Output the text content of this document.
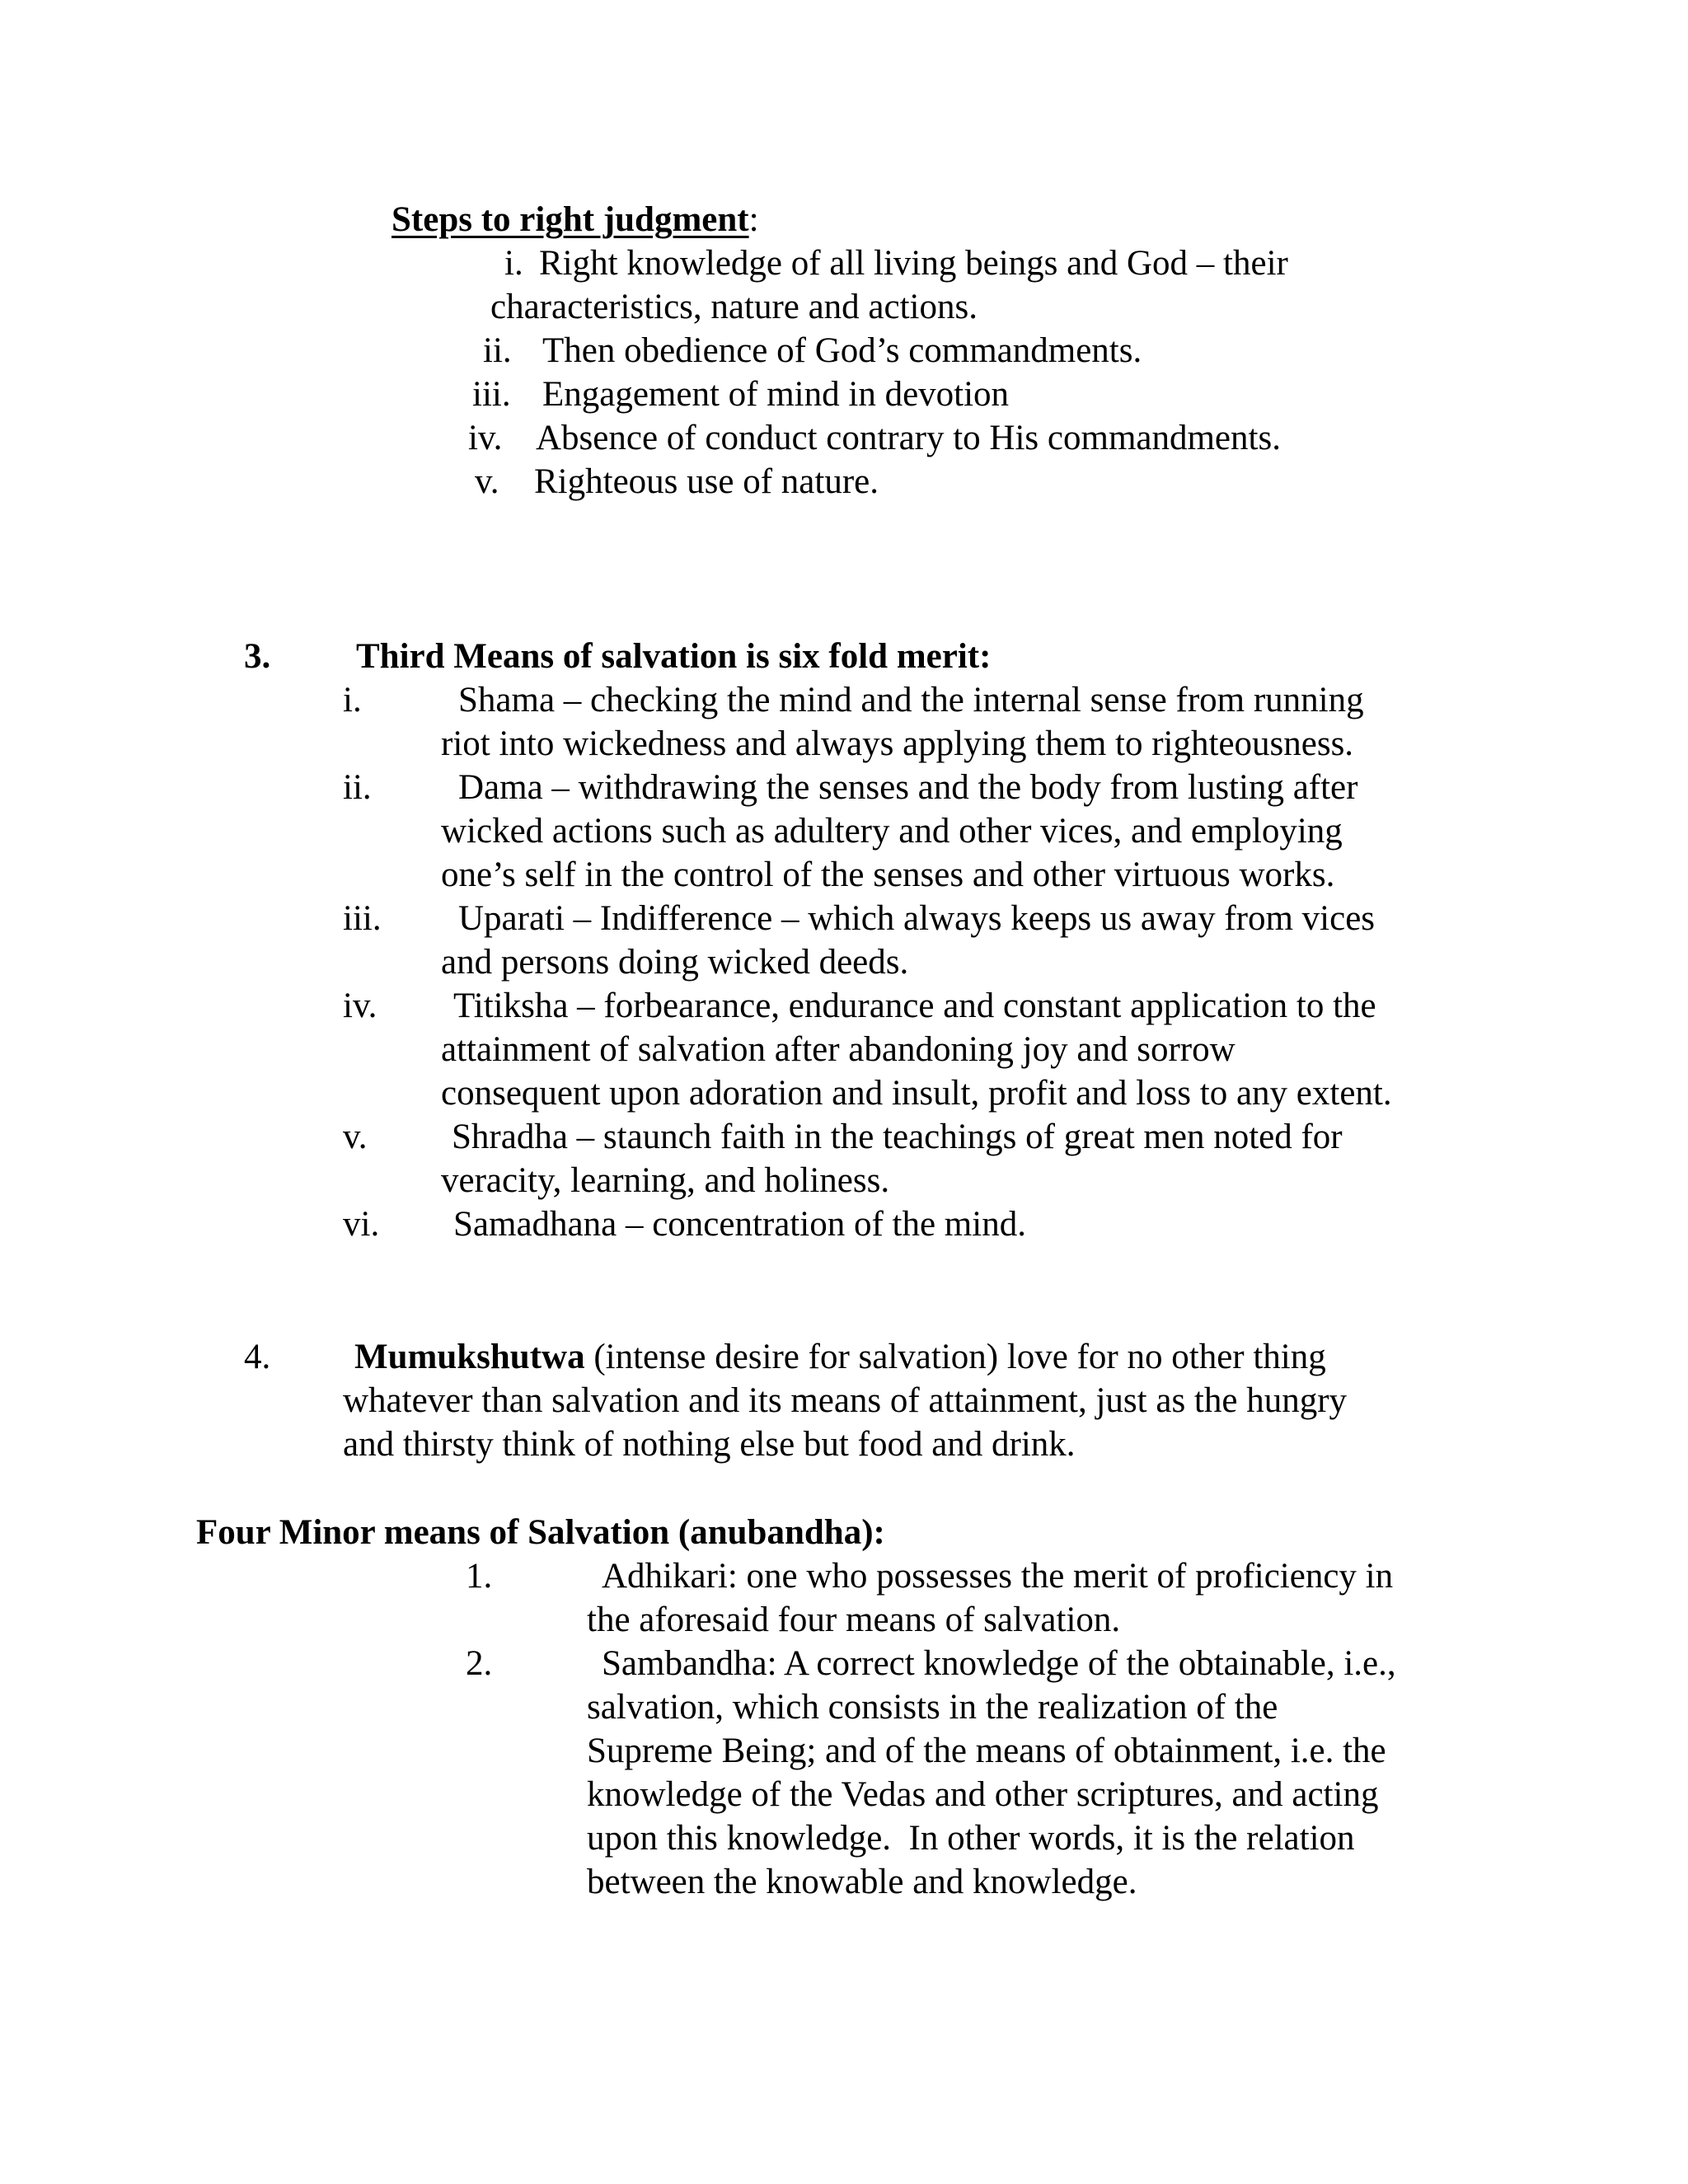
Steps to right judgment:
i. Right knowledge of all living beings and God – their
characteristics, nature and actions.
ii. Then obedience of God’s commandments.
iii. Engagement of mind in devotion
iv. Absence of conduct contrary to His commandments.
v. Righteous use of nature.
3. Third Means of salvation is six fold merit:
i.	Shama – checking the mind and the internal sense from running
riot into wickedness and always applying them to righteousness.
ii. Dama – withdrawing the senses and the body from lusting after
wicked actions such as adultery and other vices, and employing
one’s self in the control of the senses and other virtuous works.
iii. Uparati – Indifference – which always keeps us away from vices
and persons doing wicked deeds.
iv. Titiksha – forbearance, endurance and constant application to the
attainment of salvation after abandoning joy and sorrow
consequent upon adoration and insult, profit and loss to any extent.
v. Shradha – staunch faith in the teachings of great men noted for
veracity, learning, and holiness.
vi. Samadhana – concentration of the mind.
4. Mumukshutwa (intense desire for salvation) love for no other thing
whatever than salvation and its means of attainment, just as the hungry
and thirsty think of nothing else but food and drink.
Four Minor means of Salvation (anubandha):
1.	Adhikari: one who possesses the merit of proficiency in
the aforesaid four means of salvation.
2.	Sambandha: A correct knowledge of the obtainable, i.e.,
salvation, which consists in the realization of the
Supreme Being; and of the means of obtainment, i.e. the
knowledge of the Vedas and other scriptures, and acting
upon this knowledge.  In other words, it is the relation
between the knowable and knowledge.
